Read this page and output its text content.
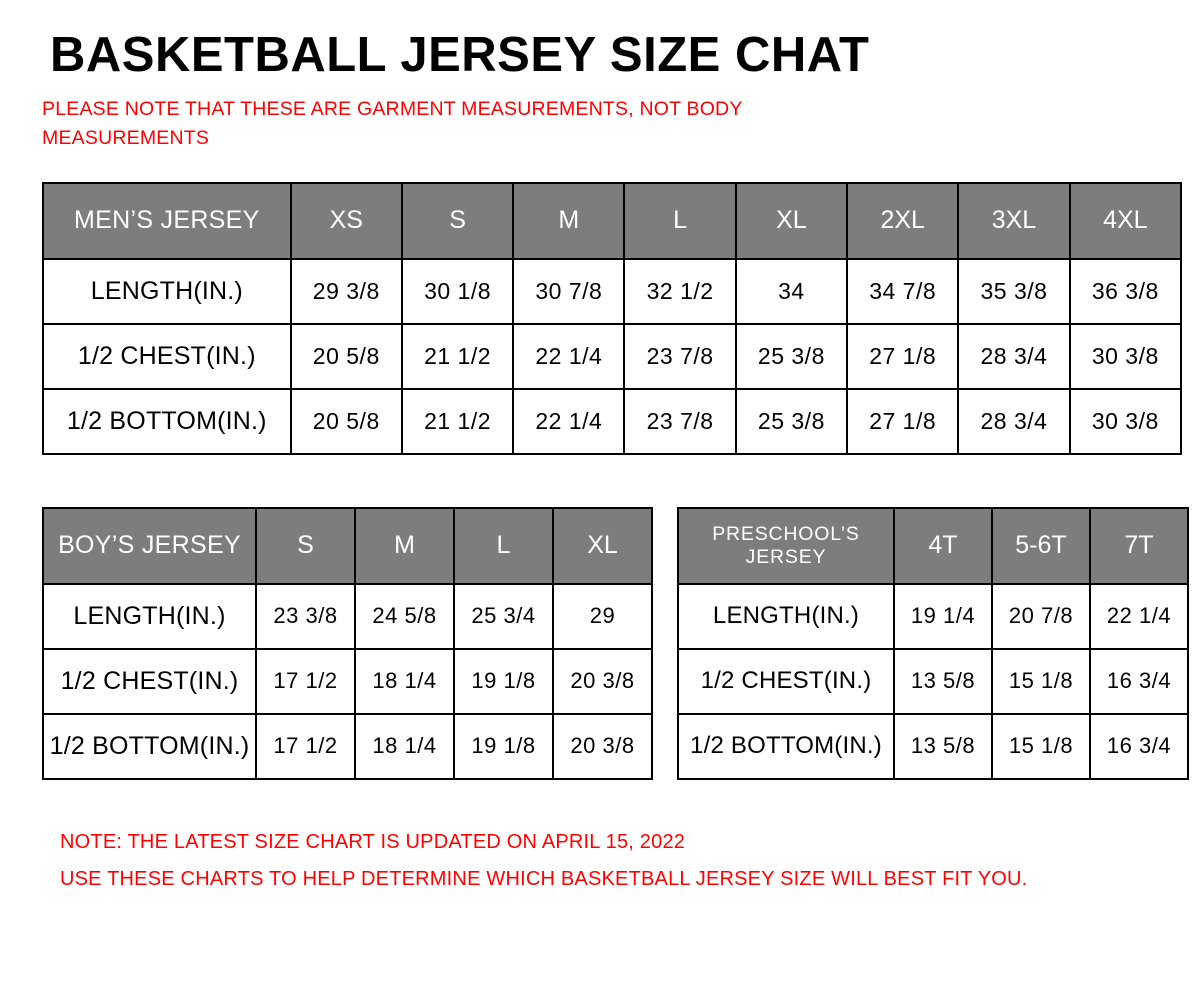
BASKETBALL JERSEY SIZE CHAT
PLEASE NOTE THAT THESE ARE GARMENT MEASUREMENTS, NOT BODY MEASUREMENTS
MEN’S JERSEY	XS	S	M	L	XL	2XL	3XL	4XL
LENGTH(IN.)	29 3/8	30 1/8	30 7/8	32 1/2	34	34 7/8	35 3/8	36 3/8
1/2 CHEST(IN.)	20 5/8	21 1/2	22 1/4	23 7/8	25 3/8	27 1/8	28 3/4	30 3/8
1/2 BOTTOM(IN.)	20 5/8	21 1/2	22 1/4	23 7/8	25 3/8	27 1/8	28 3/4	30 3/8
BOY’S JERSEY	S	M	L	XL
LENGTH(IN.)	23 3/8	24 5/8	25 3/4	29
1/2 CHEST(IN.)	17 1/2	18 1/4	19 1/8	20 3/8
1/2 BOTTOM(IN.)	17 1/2	18 1/4	19 1/8	20 3/8
PRESCHOOL’S JERSEY	4T	5-6T	7T
LENGTH(IN.)	19 1/4	20 7/8	22 1/4
1/2 CHEST(IN.)	13 5/8	15 1/8	16 3/4
1/2 BOTTOM(IN.)	13 5/8	15 1/8	16 3/4
NOTE: THE LATEST SIZE CHART IS UPDATED ON APRIL 15, 2022
USE THESE CHARTS TO HELP DETERMINE WHICH BASKETBALL JERSEY SIZE WILL BEST FIT YOU.
